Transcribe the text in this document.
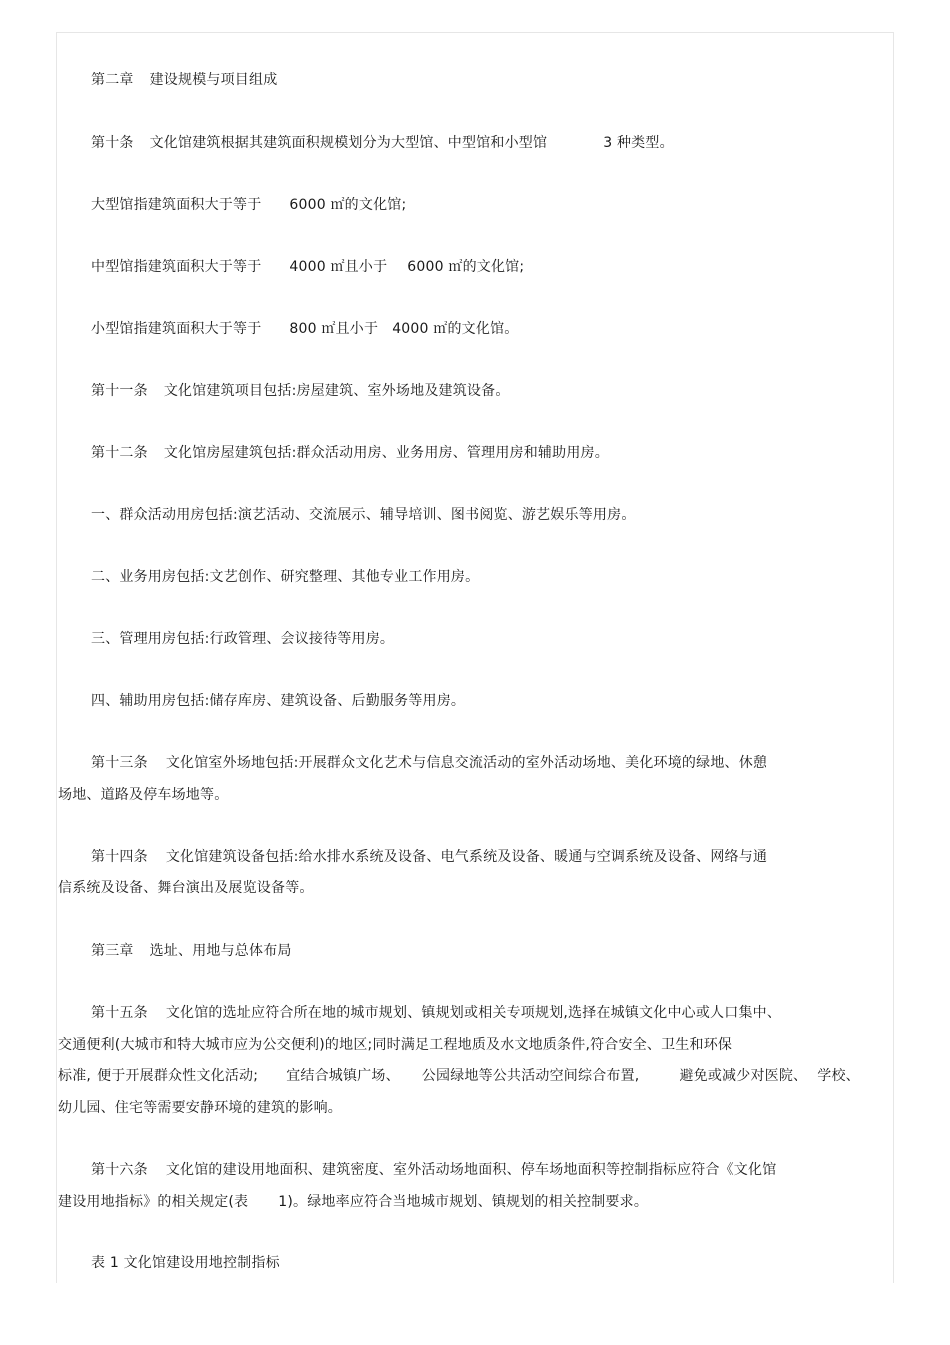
第二章 建设规模与项目组成
第十条 文化馆建筑根据其建筑面积规模划分为大型馆、中型馆和小型馆	3 种类型。
大型馆指建筑面积大于等于 6000 ㎡的文化馆;
中型馆指建筑面积大于等于 4000 ㎡且小于 6000 ㎡的文化馆;
小型馆指建筑面积大于等于 800 ㎡且小于 4000 ㎡的文化馆。
第十一条 文化馆建筑项目包括:房屋建筑、室外场地及建筑设备。
第十二条 文化馆房屋建筑包括:群众活动用房、业务用房、管理用房和辅助用房。
一、群众活动用房包括:演艺活动、交流展示、辅导培训、图书阅览、游艺娱乐等用房。
二、业务用房包括:文艺创作、研究整理、其他专业工作用房。
三、管理用房包括:行政管理、会议接待等用房。
四、辅助用房包括:储存库房、建筑设备、后勤服务等用房。
第十三条 文化馆室外场地包括:开展群众文化艺术与信息交流活动的室外活动场地、美化环境的绿地、休憩
场地、道路及停车场地等。
第十四条 文化馆建筑设备包括:给水排水系统及设备、电气系统及设备、暖通与空调系统及设备、网络与通
信系统及设备、舞台演出及展览设备等。
第三章 选址、用地与总体布局
第十五条 文化馆的选址应符合所在地的城市规划、镇规划或相关专项规划,选择在城镇文化中心或人口集中、
交通便利(大城市和特大城市应为公交便利)的地区;同时满足工程地质及水文地质条件,符合安全、卫生和环保
标准, 便于开展群众性文化活动; 宜结合城镇广场、 公园绿地等公共活动空间综合布置,	避免或减少对医院、 学校、
幼儿园、住宅等需要安静环境的建筑的影响。
第十六条 文化馆的建设用地面积、建筑密度、室外活动场地面积、停车场地面积等控制指标应符合《文化馆
建设用地指标》的相关规定(表 1)。绿地率应符合当地城市规划、镇规划的相关控制要求。
表 1 文化馆建设用地控制指标
